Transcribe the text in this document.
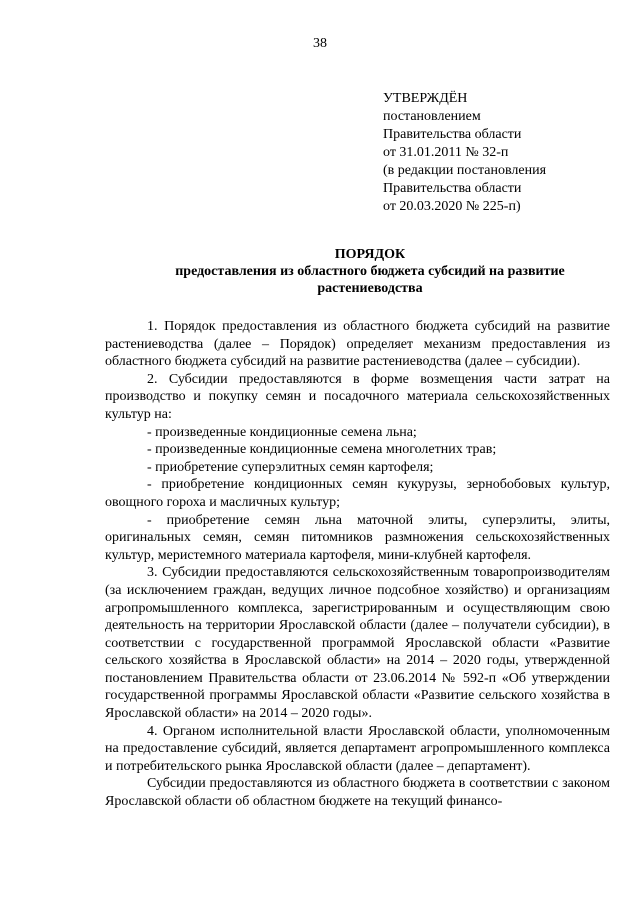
38
УТВЕРЖДЁН
постановлением
Правительства области
от 31.01.2011 № 32-п
(в редакции постановления
Правительства области
от 20.03.2020 № 225-п)
ПОРЯДОК
предоставления из областного бюджета субсидий на развитие
растениеводства

1. Порядок предоставления из областного бюджета субсидий на развитие растениеводства (далее – Порядок) определяет механизм предоставления из областного бюджета субсидий на развитие растениеводства (далее – субсидии).

2. Субсидии предоставляются в форме возмещения части затрат на производство и покупку семян и посадочного материала сельскохозяйственных культур на:

- произведенные кондиционные семена льна;

- произведенные кондиционные семена многолетних трав;

- приобретение суперэлитных семян картофеля;

- приобретение кондиционных семян кукурузы, зернобобовых культур, овощного гороха и масличных культур;

- приобретение семян льна маточной элиты, суперэлиты, элиты, оригинальных семян, семян питомников размножения сельскохозяйственных культур, меристемного материала картофеля, мини-клубней картофеля.

3. Субсидии предоставляются сельскохозяйственным товаропроизводителям (за исключением граждан, ведущих личное подсобное хозяйство) и организациям агропромышленного комплекса, зарегистрированным и осуществляющим свою деятельность на территории Ярославской области (далее – получатели субсидии), в соответствии с государственной программой Ярославской области «Развитие сельского хозяйства в Ярославской области» на 2014 – 2020 годы, утвержденной постановлением Правительства области от 23.06.2014 № 592-п «Об утверждении государственной программы Ярославской области «Развитие сельского хозяйства в Ярославской области» на 2014 – 2020 годы».

4. Органом исполнительной власти Ярославской области, уполномоченным на предоставление субсидий, является департамент агропромышленного комплекса и потребительского рынка Ярославской области (далее – департамент).

Субсидии предоставляются из областного бюджета в соответствии с законом Ярославской области об областном бюджете на текущий финансо-
